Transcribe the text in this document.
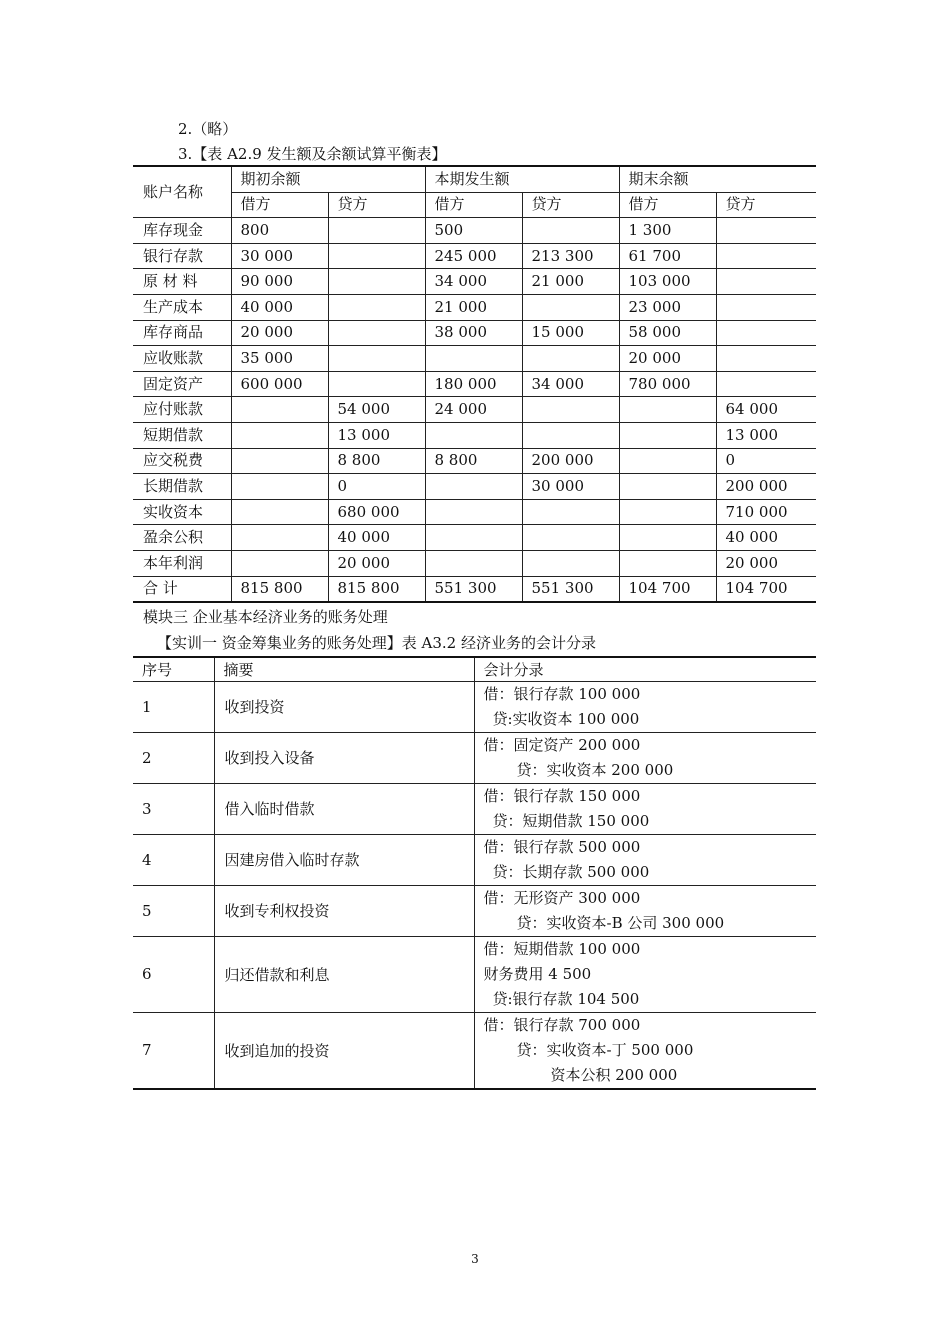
2.（略）
3.【表 A2.9 发生额及余额试算平衡表】
账户名称	期初余额		本期发生额		期末余额	
	借方	贷方	借方	贷方	借方	贷方
库存现金	800		500		1 300	
银行存款	30 000		245 000	213 300	61 700	
原 材 料	90 000		34 000	21 000	103 000	
生产成本	40 000		21 000		23 000	
库存商品	20 000		38 000	15 000	58 000	
应收账款	35 000				20 000	
固定资产	600 000		180 000	34 000	780 000	
应付账款		54 000	24 000			64 000
短期借款		13 000				13 000
应交税费		8 800	8 800	200 000		0
长期借款		0		30 000		200 000
实收资本		680 000				710 000
盈余公积		40 000				40 000
本年利润		20 000				20 000
合 计	815 800	815 800	551 300	551 300	104 700	104 700
模块三 企业基本经济业务的账务处理
【实训一 资金筹集业务的账务处理】表 A3.2 经济业务的会计分录
序号	摘要	会计分录
1	收到投资	借：银行存款 100 000
贷:实收资本 100 000

2	收到投入设备	借：固定资产 200 000
贷：实收资本 200 000

3	借入临时借款	借：银行存款 150 000
贷：短期借款 150 000

4	因建房借入临时存款	借：银行存款 500 000
贷：长期存款 500 000

5	收到专利权投资	借：无形资产 300 000
贷：实收资本-B 公司 300 000

6	归还借款和利息	借：短期借款 100 000
财务费用 4 500
贷:银行存款 104 500

7	收到追加的投资	借：银行存款 700 000
贷：实收资本-丁 500 000
资本公积 200 000
3
